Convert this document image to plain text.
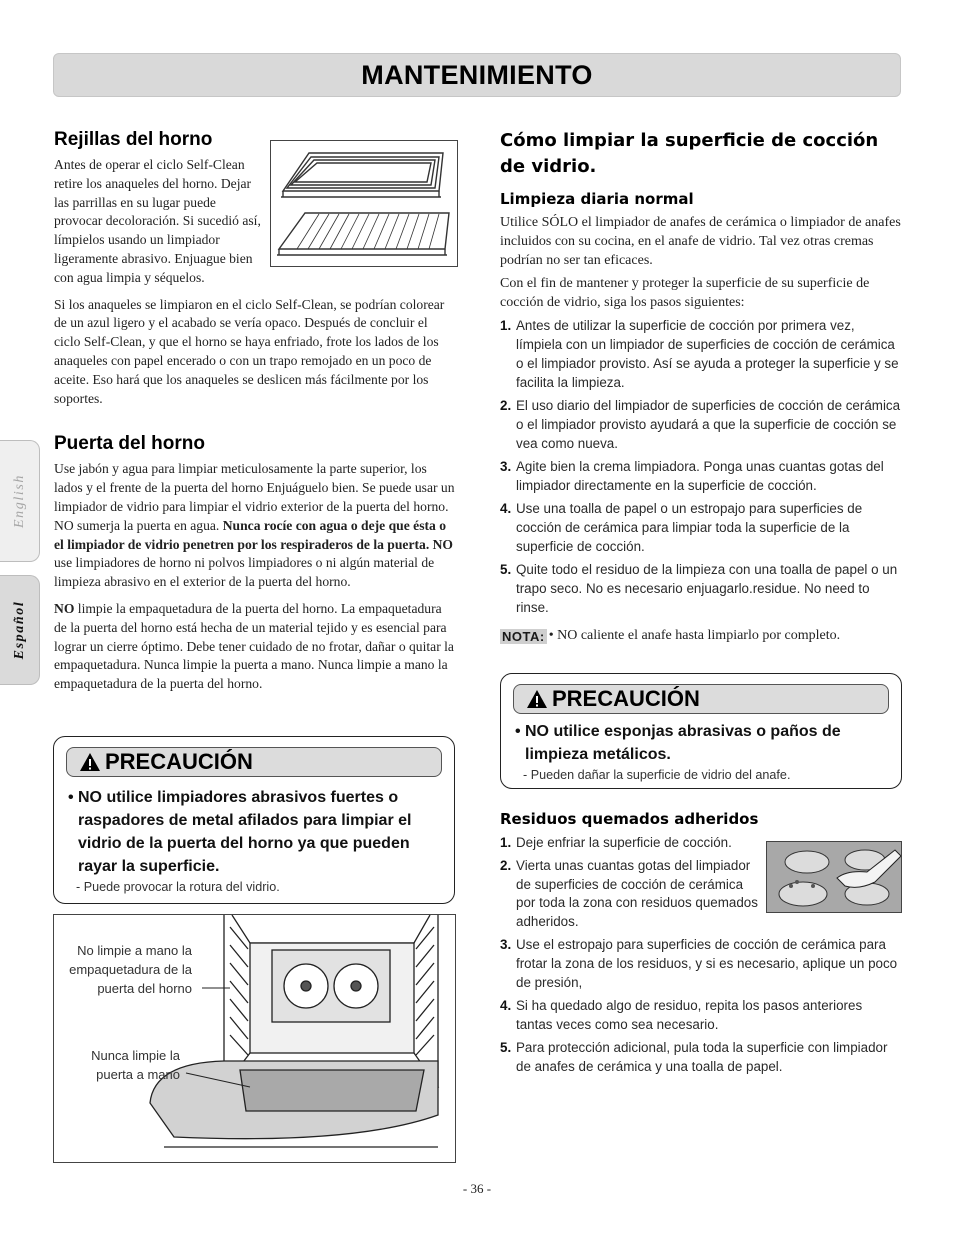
MANTENIMIENTO
English
Español
Rejillas del horno

Antes de operar el ciclo Self-Clean retire los anaqueles del horno. Dejar las parrillas en su lugar puede provocar decoloración. Si sucedió así, límpielos usando un limpiador ligeramente abrasivo. Enjuague bien con agua limpia y séquelos.

Si los anaqueles se limpiaron en el ciclo Self-Clean, se podrían colorear de un azul ligero y el acabado se vería opaco. Después de concluir el ciclo Self-Clean, y que el horno se haya enfriado, frote los lados de los anaqueles con papel encerado o con un trapo remojado en un poco de aceite. Eso hará que los anaqueles se deslicen más fácilmente por los soportes.

Puerta del horno

Use jabón y agua para limpiar meticulosamente la parte superior, los lados y el frente de la puerta del horno Enjuáguelo bien. Se puede usar un limpiador de vidrio para limpiar el vidrio exterior de la puerta del horno. NO sumerja la puerta en agua. Nunca rocíe con agua o deje que ésta o el limpiador de vidrio penetren por los respiraderos de la puerta. NO use limpiadores de horno ni polvos limpiadores o ni algún material de limpieza abrasivo en el exterior de la puerta del horno.

NO limpie la empaquetadura de la puerta del horno. La empaquetadura de la puerta del horno está hecha de un material tejido y es esencial para lograr un cierre óptimo. Debe tener cuidado de no frotar, dañar o quitar la empaquetadura. Nunca limpie la puerta a mano. Nunca limpie a mano la empaquetadura de la puerta del horno.

PRECAUCIÓN
• NO utilice limpiadores abrasivos fuertes o raspadores de metal afilados para limpiar el vidrio de la puerta del horno ya que pueden rayar la superficie.
- Puede provocar la rotura del vidrio.
No limpie a mano la empaquetadura de la puerta del horno
Nunca limpie la puerta a mano
Cómo limpiar la superficie de cocción de vidrio.
Limpieza diaria normal

Utilice SÓLO el limpiador de anafes de cerámica o limpiador de anafes incluidos con su cocina, en el anafe de vidrio. Tal vez otras cremas podrían no ser tan eficaces.

Con el fin de mantener y proteger la superficie de su superficie de cocción de vidrio, siga los pasos siguientes:

1. Antes de utilizar la superficie de cocción por primera vez, límpiela con un limpiador de superficies de cocción de cerámica o el limpiador provisto. Así se ayuda a proteger la superficie y se facilita la limpieza.
2. El uso diario del limpiador de superficies de cocción de cerámica o el limpiador provisto ayudará a que la superficie de cocción se vea como nueva.
3. Agite bien la crema limpiadora. Ponga unas cuantas gotas del limpiador directamente en la superficie de cocción.
4. Use una toalla de papel o un estropajo para superficies de cocción de cerámica para limpiar toda la superficie de la superficie de cocción.
5. Quite todo el residuo de la limpieza con una toalla de papel o un trapo seco. No es necesario enjuagarlo.residue. No need to rinse.
NOTA: • NO caliente el anafe hasta limpiarlo por completo.
PRECAUCIÓN
• NO utilice esponjas abrasivas o paños de limpieza metálicos.
- Pueden dañar la superficie de vidrio del anafe.
Residuos quemados adheridos
1. Deje enfriar la superficie de cocción.
2. Vierta unas cuantas gotas del limpiador de superficies de cocción de cerámica por toda la zona con residuos quemados adheridos.
3. Use el estropajo para superficies de cocción de cerámica para frotar la zona de los residuos, y si es necesario, aplique un poco de presión,
4. Si ha quedado algo de residuo, repita los pasos anteriores tantas veces como sea necesario.
5. Para protección adicional, pula toda la superficie con limpiador de anafes de cerámica y una toalla de papel.
- 36 -
